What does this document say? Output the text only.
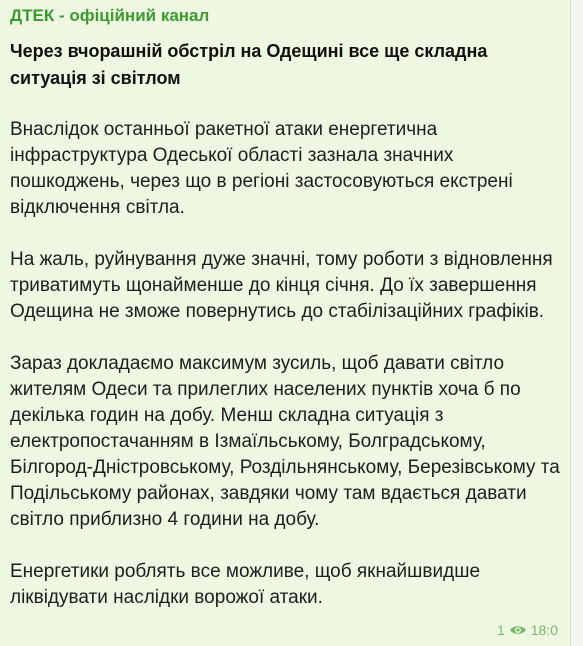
ДТЕК - офіційний канал
Через вчорашній обстріл на Одещині все ще складна ситуація зі світлом
Внаслідок останньої ракетної атаки енергетична інфраструктура Одеської області зазнала значних пошкоджень, через що в регіоні застосовуються екстрені відключення світла.
На жаль, руйнування дуже значні, тому роботи з відновлення триватимуть щонайменше до кінця січня. До їх завершення Одещина не зможе повернутись до стабілізаційних графіків.
Зараз докладаємо максимум зусиль, щоб давати світло жителям Одеси та прилеглих населених пунктів хоча б по декілька годин на добу. Менш складна ситуація з електропостачанням в Ізмаїльському, Болградському, Білгород-Дністровському, Роздільнянському, Березівському та Подільському районах, завдяки чому там вдається давати світло приблизно 4 години на добу.
Енергетики роблять все можливе, щоб якнайшвидше ліквідувати наслідки ворожої атаки.
1 18:0
